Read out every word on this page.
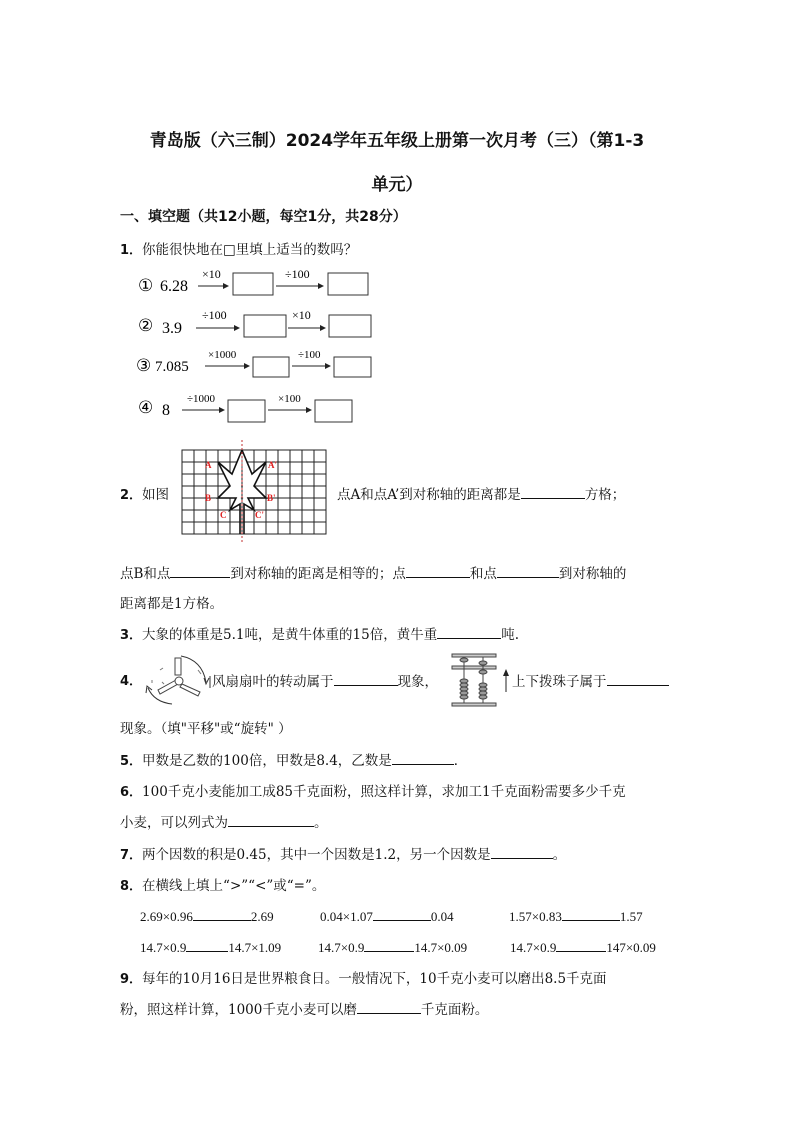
青岛版（六三制）2024学年五年级上册第一次月考（三）（第1-3
单元）
一、填空题（共12小题，每空1分，共28分）
1．你能很快地在□里填上适当的数吗？
① 6.28
×10	÷100
② 3.9
÷100	×10
③ 7.085
×1000	÷100
④ 8
÷1000	×100
2．如图
A	A'
B	B'
C	C'
点A和点A’到对称轴的距离都是	方格；
点B和点	到对称轴的距离是相等的；点	和点	到对称轴的
距离都是1方格。
3．大象的体重是5.1吨，是黄牛体重的15倍，黄牛重	吨.
4．	风扇扇叶的转动属于	现象，	上下拨珠子属于
现象。（填"平移"或“旋转" ）
5．甲数是乙数的100倍，甲数是8.4，乙数是	．
6．100千克小麦能加工成85千克面粉，照这样计算，求加工1千克面粉需要多少千克
小麦，可以列式为	。
7．两个因数的积是0.45，其中一个因数是1.2，另一个因数是	。
8．在横线上填上“>”“<”或“=”。
2.69×0.96	2.69	0.04×1.07	0.04	1.57×0.83	1.57
14.7×0.9	14.7×1.09	14.7×0.9	14.7×0.09	14.7×0.9	147×0.09
9．每年的10月16日是世界粮食日。一般情况下，10千克小麦可以磨出8.5千克面
粉，照这样计算，1000千克小麦可以磨	千克面粉。
